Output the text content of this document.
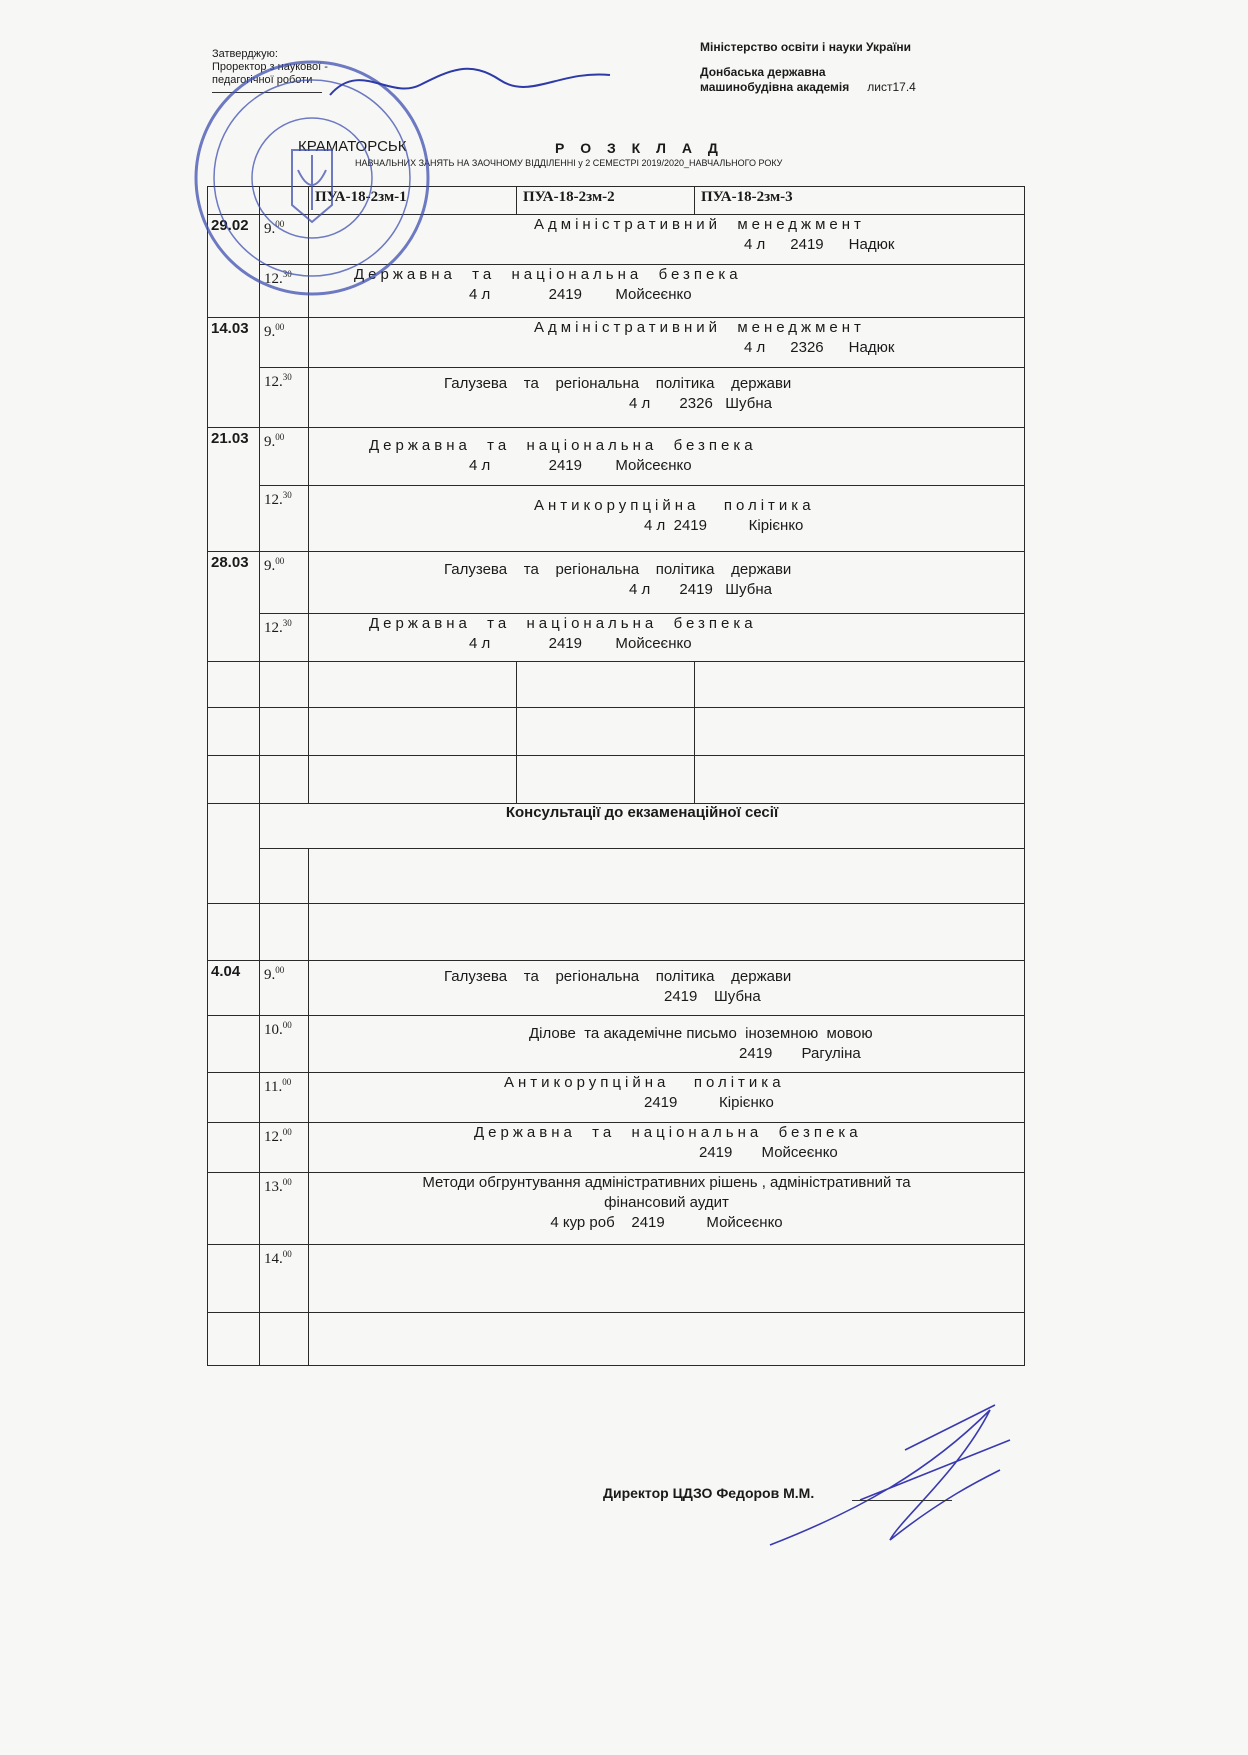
Затверджую:
Проректор з наукової -
педагогічної роботи
Міністерство освіти і науки України
Донбаська державна
машинобудівна академія лист17.4
КРАМАТОРСЬК	Р О З К Л А Д
НАВЧАЛЬНИХ ЗАНЯТЬ НА ЗАОЧНОМУ ВІДДІЛЕННІ у 2 СЕМЕСТРІ 2019/2020_НАВЧАЛЬНОГО РОКУ
		ПУА-18-2зм-1	ПУА-18-2зм-2	ПУА-18-2зм-3
29.02	9.00	Адміністративний  менеджмент
4 л      2419      Надюк		

	12.30	Державна  та  національна  безпека
4 л              2419        Мойсеєнко		

14.03	9.00	Адміністративний  менеджмент
4 л      2326      Надюк		

	12.30	Галузева    та    регіональна    політика    держави
4 л       2326   Шубна		

21.03	9.00	Державна  та  національна  безпека
4 л              2419        Мойсеєнко		

	12.30	Антикорупційна   політика
4 л  2419          Кірієнко		

28.03	9.00	Галузева    та    регіональна    політика    держави
4 л       2419   Шубна		

	12.30	Державна  та  національна  безпека
4 л              2419        Мойсеєнко		

	Консультації до екзаменаційної сесії			

4.04	9.00	Галузева    та    регіональна    політика    держави
2419    Шубна		

	10.00	Ділове  та академічне письмо  іноземною  мовою
2419       Рагуліна		

	11.00	Антикорупційна   політика
2419          Кірієнко		

	12.00	Державна  та  національна  безпека
2419       Мойсеєнко		

	13.00	Методи обгрунтування адміністративних рішень , адміністративний та
фінансовий аудит
4 кур роб    2419          Мойсеєнко		

	14.00	

Директор ЦДЗО Федоров М.М.
